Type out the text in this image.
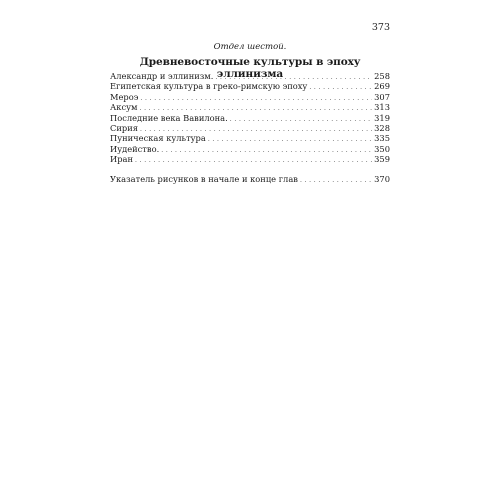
373
Отдел шестой.
Древневосточные культуры в эпоху эллинизма
Александр и эллинизм. . . .	258
Египетская культура в греко-римскую эпоху . . .	269
Мероэ . . .	307
Аксум . . .	313
Последние века Вавилона. . . .	319
Сирия . . .	328
Пуническая культура . . .	335
Иудейство. . . .	350
Иран . . .	359
Указатель рисунков в начале и конце глав . . .	370
